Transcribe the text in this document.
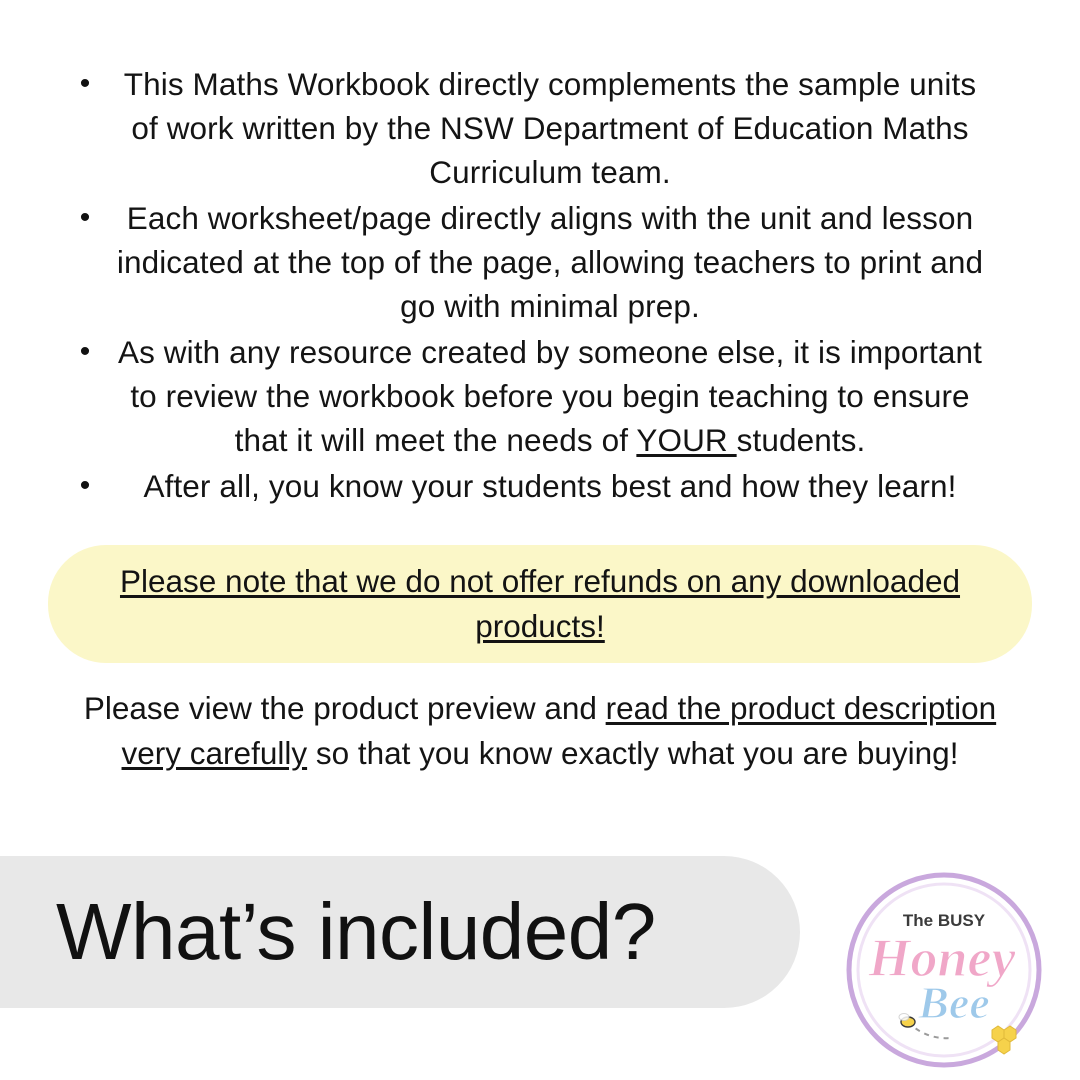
•	This Maths Workbook directly complements the sample units of work written by the NSW Department of Education Maths Curriculum team.
•	Each worksheet/page directly aligns with the unit and lesson indicated at the top of the page, allowing teachers to print and go with minimal prep.
• As with any resource created by someone else, it is important to review the workbook before you begin teaching to ensure that it will meet the needs of YOUR students.
•	After all, you know your students best and how they learn!
Please note that we do not offer refunds on any downloaded products!
Please view the product preview and read the product description very carefully so that you know exactly what you are buying!
What’s included?	The BUSY
Honey
Bee
